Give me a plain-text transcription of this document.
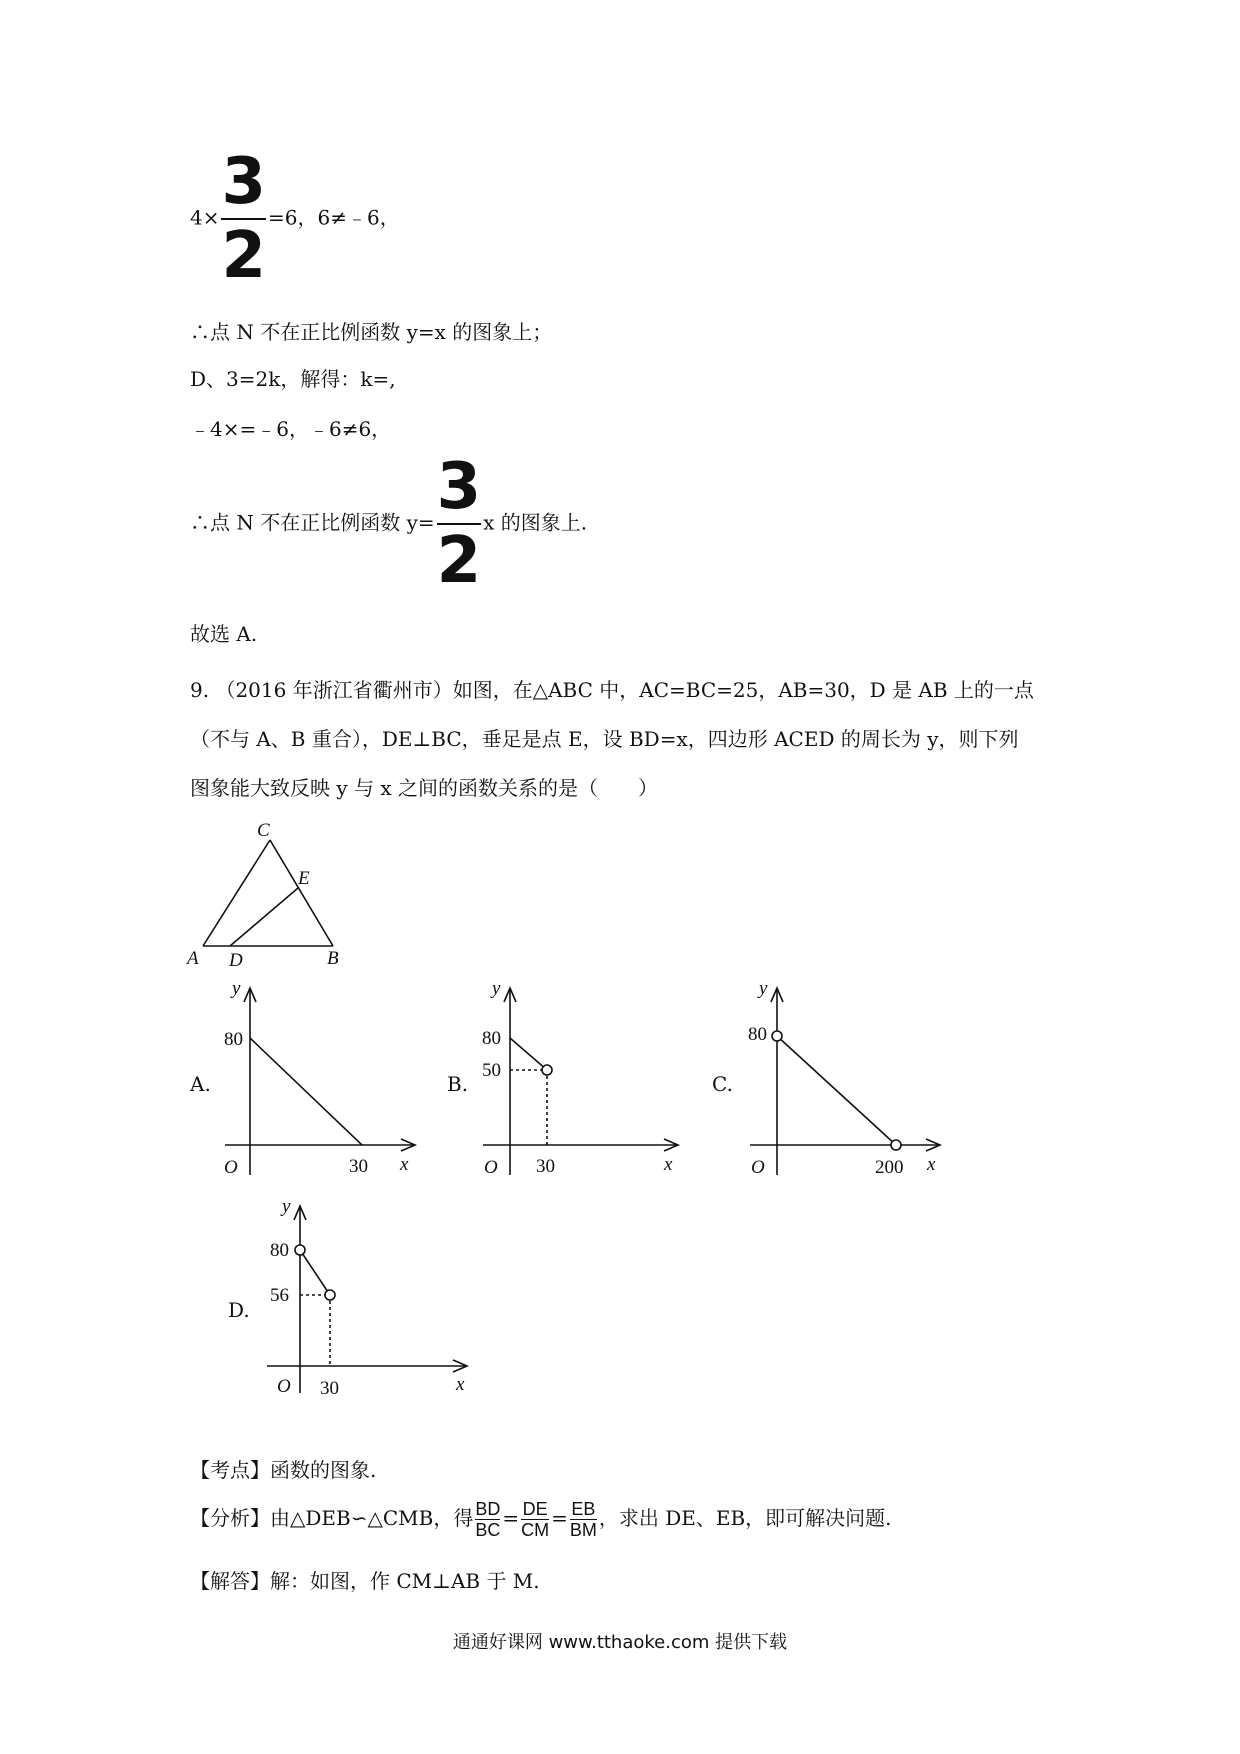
$4\times \frac{3}{2} =6$，6≠﹣6，
∴点 N 不在正比例函数 y=x 的图象上；
D、3=2k，解得：k=,
﹣4×=﹣6，﹣6≠6，
∴点 N 不在正比例函数 $y= \frac{3}{2}$ x 的图象上.
故选 A.
9. （2016 年浙江省衢州市）如图，在△ABC 中，AC=BC=25，AB=30，D 是 AB 上的一点
（不与 A、B 重合），DE⊥BC，垂足是点 E，设 BD=x，四边形 ACED 的周长为 y，则下列
图象能大致反映 y 与 x 之间的函数关系的是（　　）
C
E
A D	B
A.
y
80
O	30 x
B.
y
80
50
O 30	x
C.
y
80
O	200 x
D.
y
80
56
O 30	x
【考点】函数的图象.
【分析】由△DEB∽△CMB，得 $\frac{BD}{BC} = \frac{DE}{CM} = \frac{EB}{BM}$ ，求出 DE、EB，即可解决问题.
【解答】解：如图，作 CM⊥AB 于 M.
通通好课网 www.tthaoke.com 提供下载
